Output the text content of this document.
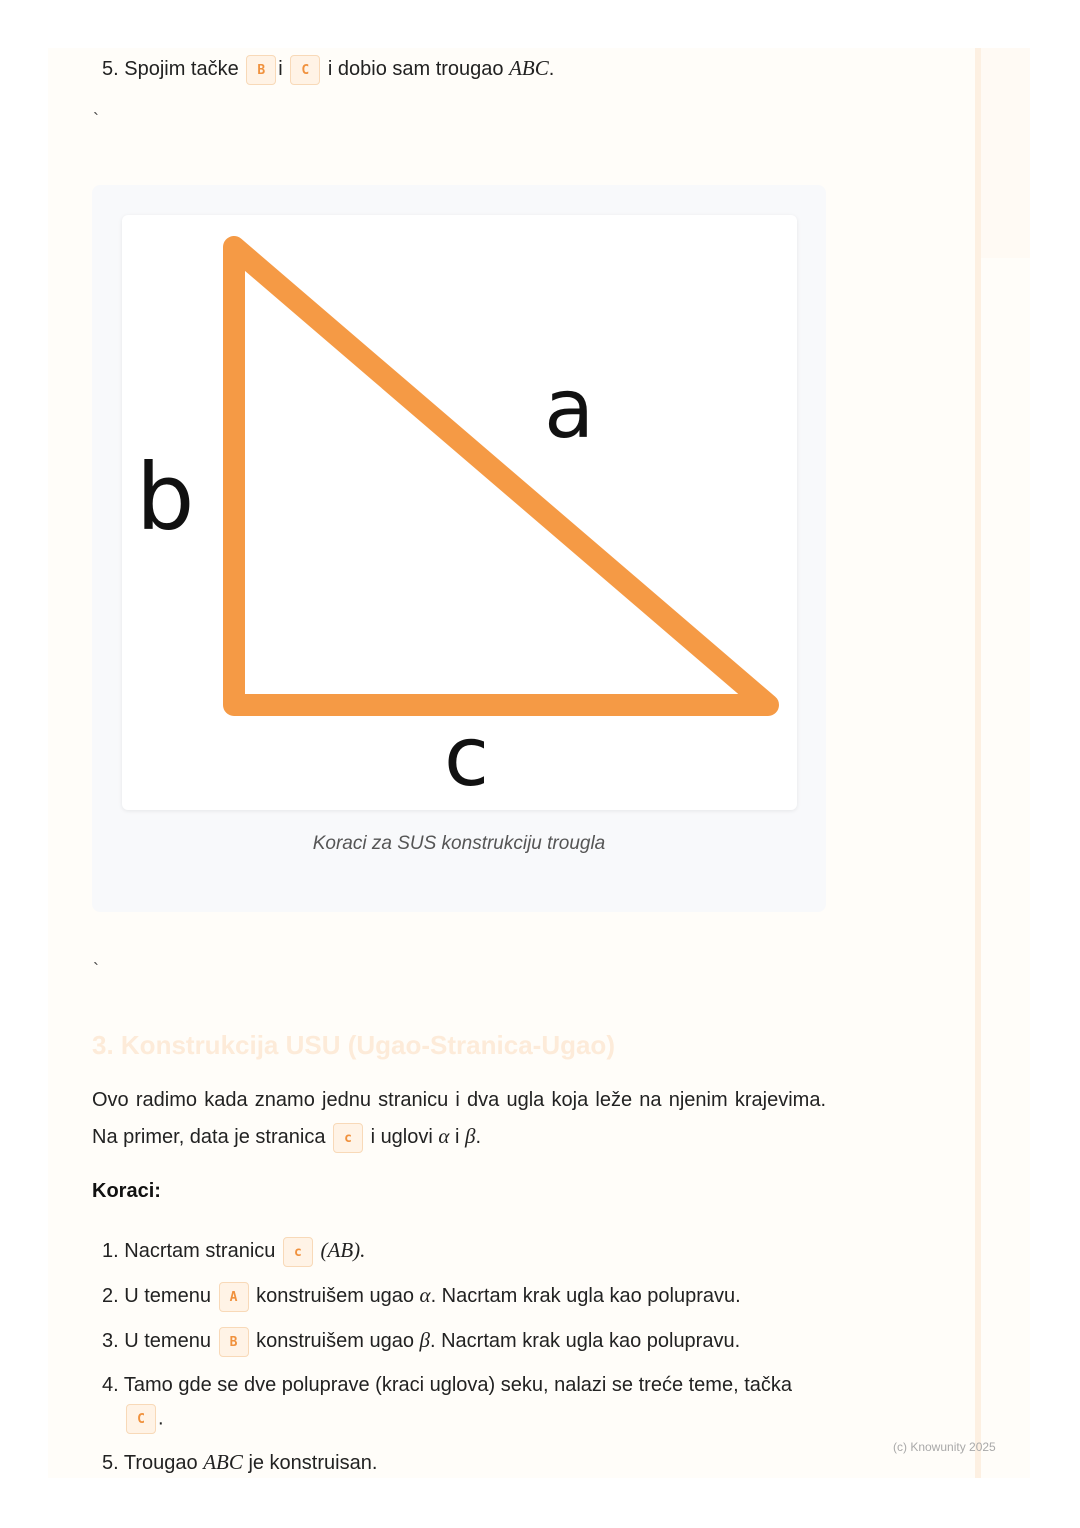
5. Spojim tačke B i C i dobio sam trougao ABC.
`
a
b
c
Koraci za SUS konstrukciju trougla
`
3. Konstrukcija USU (Ugao-Stranica-Ugao)
Ovo radimo kada znamo jednu stranicu i dva ugla koja leže na njenim krajevima. Na primer, data je stranica c i uglovi α i β.
Koraci:
1. Nacrtam stranicu c (AB).
2. U temenu A konstruišem ugao α. Nacrtam krak ugla kao polupravu.
3. U temenu B konstruišem ugao β. Nacrtam krak ugla kao polupravu.
4. Tamo gde se dve poluprave (kraci uglova) seku, nalazi se treće teme, tačka
C .
5. Trougao ABC je konstruisan.
(c) Knowunity 2025
